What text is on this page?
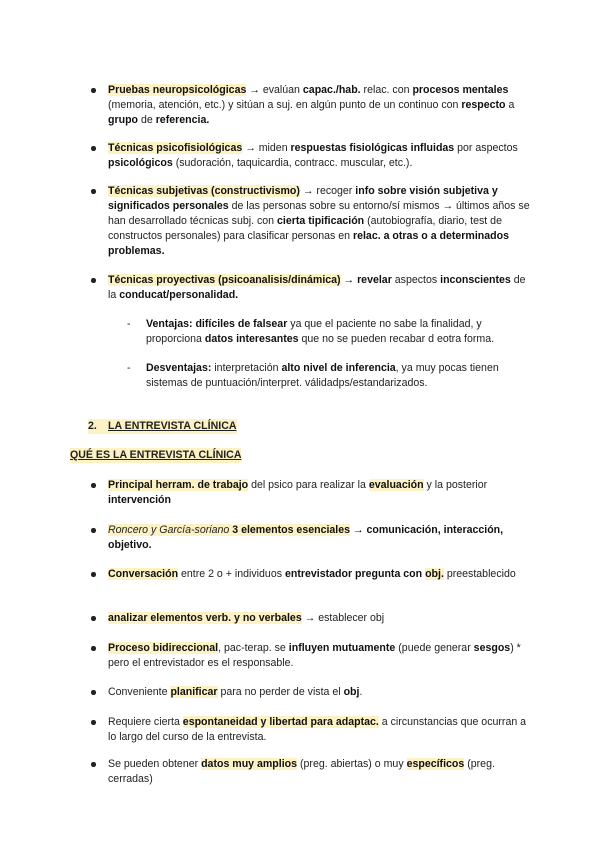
Pruebas neuropsicológicas → evalúan capac./hab. relac. con procesos mentales (memoria, atención, etc.) y sitúan a suj. en algún punto de un continuo con respecto a grupo de referencia.
Técnicas psicofisiológicas → miden respuestas fisiológicas influidas por aspectos psicológicos (sudoración, taquicardia, contracc. muscular, etc.).
Técnicas subjetivas (constructivismo) → recoger info sobre visión subjetiva y significados personales de las personas sobre su entorno/sí mismos → últimos años se han desarrollado técnicas subj. con cierta tipificación (autobiografía, diario, test de constructos personales) para clasificar personas en relac. a otras o a determinados problemas.
Técnicas proyectivas (psicoanalisis/dinámica) → revelar aspectos inconscientes de la conducat/personalidad.
- Ventajas: difíciles de falsear ya que el paciente no sabe la finalidad, y proporciona datos interesantes que no se pueden recabar d eotra forma.
- Desventajas: interpretación alto nivel de inferencia, ya muy pocas tienen sistemas de puntuación/interpret. válidadps/estandarizados.
2. LA ENTREVISTA CLÍNICA
QUÉ ES LA ENTREVISTA CLÍNICA
Principal herram. de trabajo del psico para realizar la evaluación y la posterior intervención
Roncero y García-soriano 3 elementos esenciales → comunicación, interacción, objetivo.
Conversación entre 2 o + individuos entrevistador pregunta con obj. preestablecido
analizar elementos verb. y no verbales → establecer obj
Proceso bidireccional, pac-terap. se influyen mutuamente (puede generar sesgos) * pero el entrevistador es el responsable.
Conveniente planificar para no perder de vista el obj.
Requiere cierta espontaneidad y libertad para adaptac. a circunstancias que ocurran a lo largo del curso de la entrevista.
Se pueden obtener datos muy amplios (preg. abiertas) o muy específicos (preg. cerradas)
